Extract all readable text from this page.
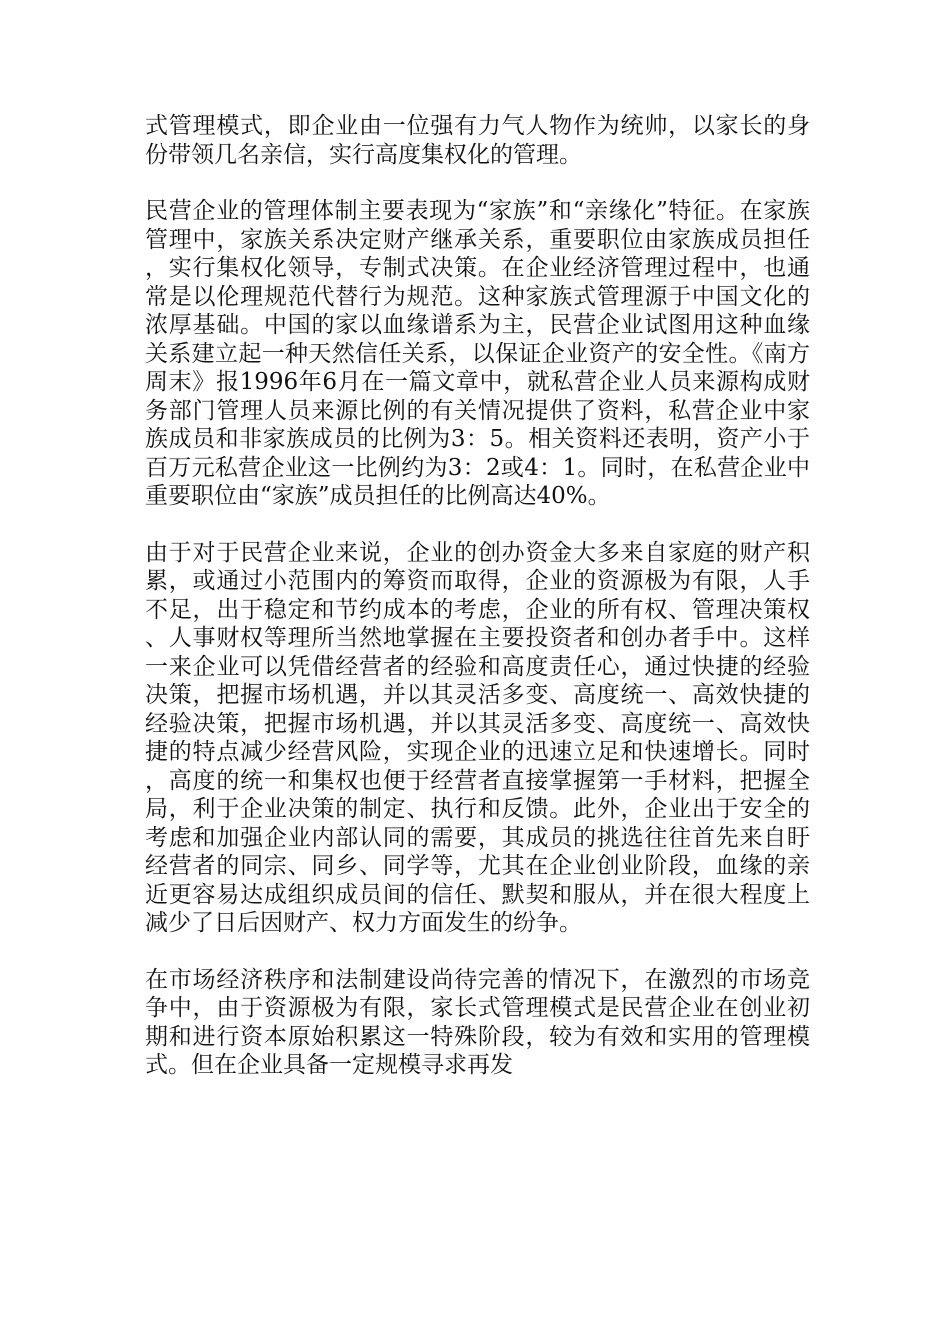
式管理模式，即企业由一位强有力气人物作为统帅，以家长的身份带领几名亲信，实行高度集权化的管理。

民营企业的管理体制主要表现为“家族”和“亲缘化”特征。在家族管理中，家族关系决定财产继承关系，重要职位由家族成员担任，实行集权化领导，专制式决策。在企业经济管理过程中，也通常是以伦理规范代替行为规范。这种家族式管理源于中国文化的浓厚基础。中国的家以血缘谱系为主，民营企业试图用这种血缘关系建立起一种天然信任关系，以保证企业资产的安全性。《南方周末》报1996年6月在一篇文章中，就私营企业人员来源构成财务部门管理人员来源比例的有关情况提供了资料，私营企业中家族成员和非家族成员的比例为3：5。相关资料还表明，资产小于百万元私营企业这一比例约为3：2或4：1。同时，在私营企业中重要职位由“家族”成员担任的比例高达40%。

由于对于民营企业来说，企业的创办资金大多来自家庭的财产积累，或通过小范围内的筹资而取得，企业的资源极为有限，人手不足，出于稳定和节约成本的考虑，企业的所有权、管理决策权、人事财权等理所当然地掌握在主要投资者和创办者手中。这样一来企业可以凭借经营者的经验和高度责任心，通过快捷的经验决策，把握市场机遇，并以其灵活多变、高度统一、高效快捷的经验决策，把握市场机遇，并以其灵活多变、高度统一、高效快捷的特点减少经营风险，实现企业的迅速立足和快速增长。同时，高度的统一和集权也便于经营者直接掌握第一手材料，把握全局，利于企业决策的制定、执行和反馈。此外，企业出于安全的考虑和加强企业内部认同的需要，其成员的挑选往往首先来自盱经营者的同宗、同乡、同学等，尤其在企业创业阶段，血缘的亲近更容易达成组织成员间的信任、默契和服从，并在很大程度上减少了日后因财产、权力方面发生的纷争。

在市场经济秩序和法制建设尚待完善的情况下，在激烈的市场竞争中，由于资源极为有限，家长式管理模式是民营企业在创业初期和进行资本原始积累这一特殊阶段，较为有效和实用的管理模式。但在企业具备一定规模寻求再发
